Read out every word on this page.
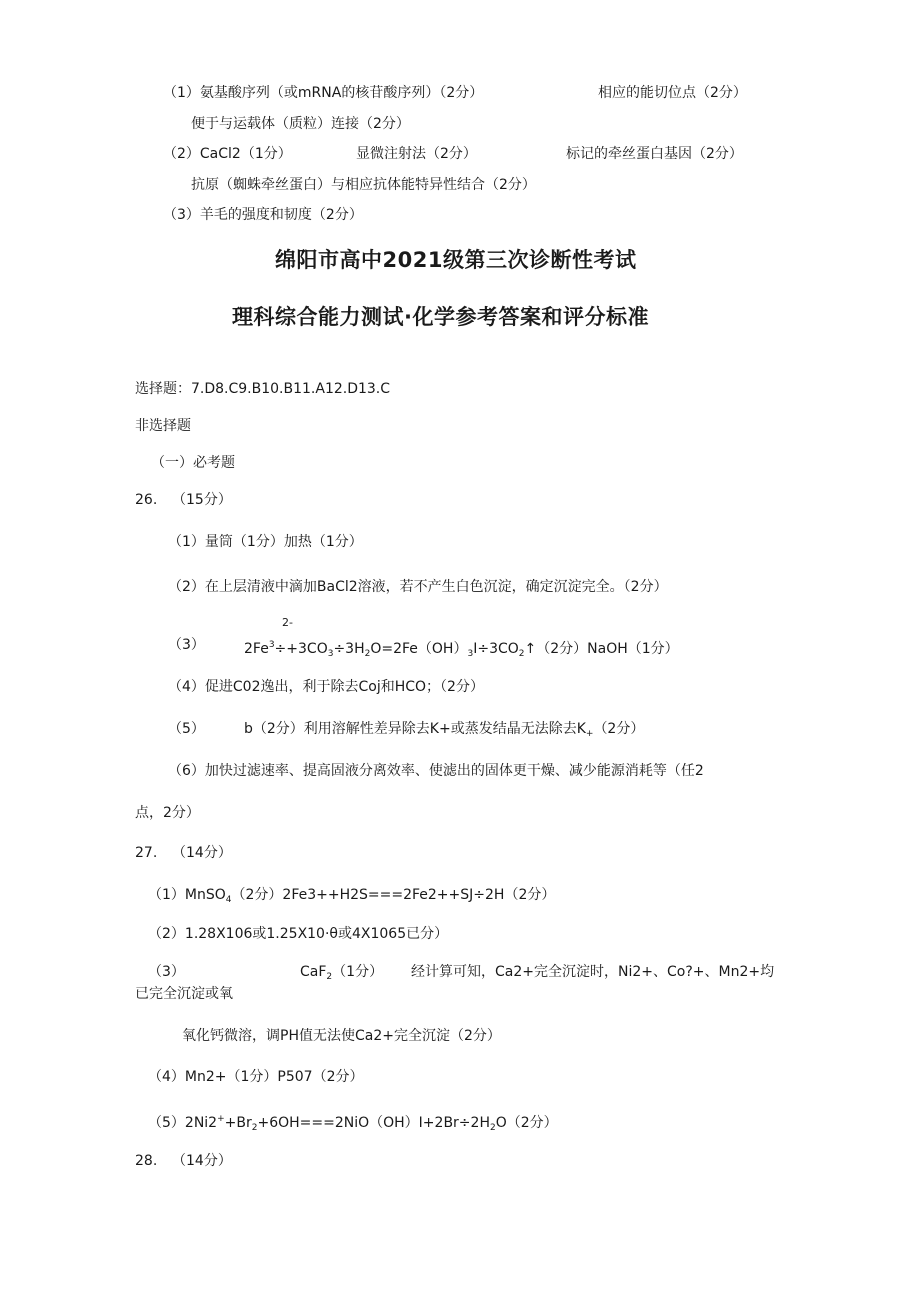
（1）氨基酸序列（或mRNA的核苷酸序列）（2分）	相应的能切位点（2分）
便于与运载体（质粒）连接（2分）
（2）CaCl2（1分）	显微注射法（2分）	标记的牵丝蛋白基因（2分）
抗原（蜘蛛牵丝蛋白）与相应抗体能特异性结合（2分）
（3）羊毛的强度和韧度（2分）
绵阳市高中2021级第三次诊断性考试
理科综合能力测试·化学参考答案和评分标准
选择题：7.D8.C9.B10.B11.A12.D13.C
非选择题
（一）必考题
26. （15分）
（1）量筒（1分）加热（1分）
（2）在上层清液中滴加BaCl2溶液，若不产生白色沉淀，确定沉淀完全。（2分）
2-
（3）	$2Fe^3\div+3CO_3\div 3H_2O=2Fe(OH)_3I\div 3CO_2↑(2$分）NaOH（1分）
（4）促进C02逸出，利于除去Coj和HCO；（2分）
（5）	b（2分）利用溶解性差异除去K+或蒸发结晶无法除去$K_+(2$分）
（6）加快过滤速率、提高固液分离效率、使滤出的固体更干燥、减少能源消耗等（任2
点，2分）
27. （14分）
（1）MnSO$_4$（2分）2Fe3++H2S===2Fe2++SJ÷2H（2分）
（2）1.28X106或1.25X10·θ或4X1065已分）
（3）	CaF$_2$（1分） 经计算可知，Ca2+完全沉淀时，Ni2+、Co?+、Mn2+均
已完全沉淀或氧
氧化钙微溶，调PH值无法使Ca2+完全沉淀（2分）
（4）Mn2+（1分）P507（2分）
$(5)2Ni2^++Br_2+6OH===2NiO(OH)I+2Br\div 2H_2O(2$分）
28. （14分）
